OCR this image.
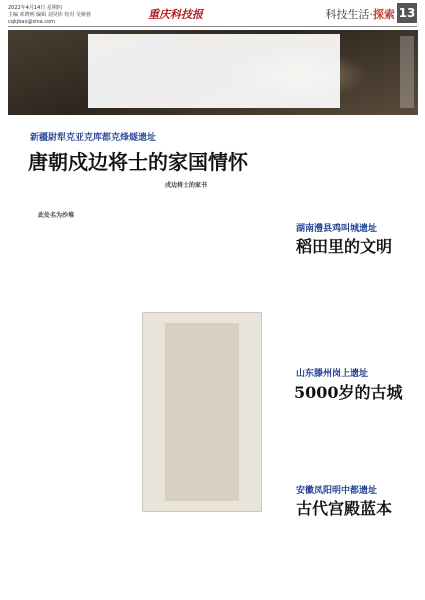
2022年4月14日 星期四
主编 邓晓明 编辑 刘昊炜 校对 吴娅蓉
cqkjbao@sina.com
重庆科技报	科技生活·探索 13
新疆尉犁克亚克库都克烽燧遗址
唐朝戍边将士的家国情怀
此处名为沙堆
戍边将士的家书
湖南澧县鸡叫城遗址
稻田里的文明
山东滕州岗上遗址
5000岁的古城
安徽凤阳明中都遗址
古代宫殿蓝本
